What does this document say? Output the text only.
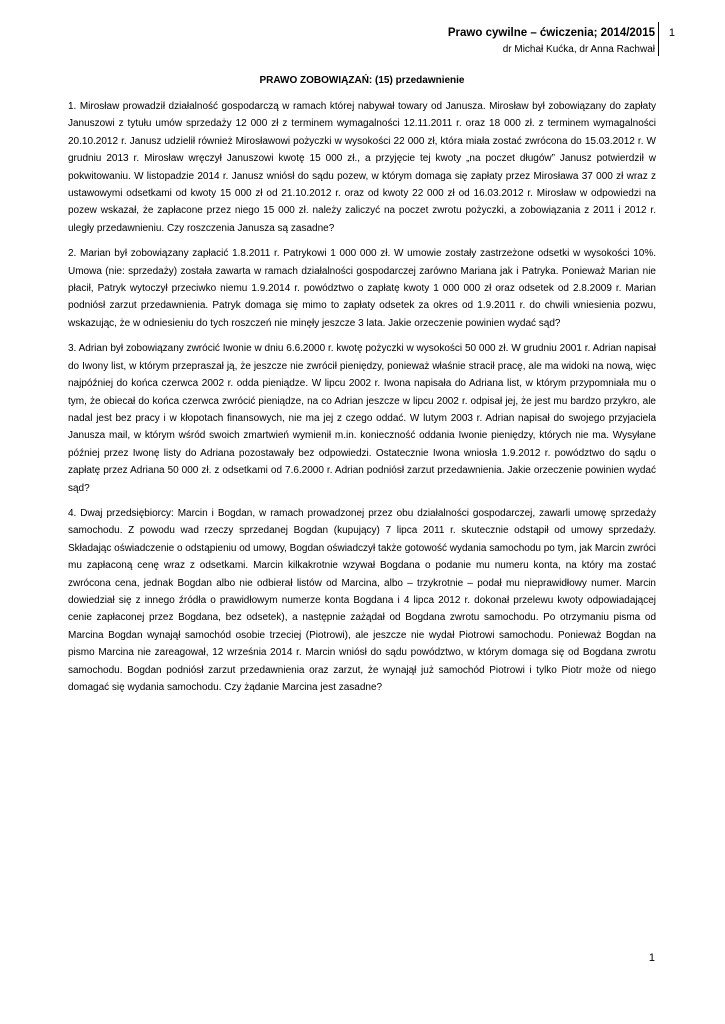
Prawo cywilne – ćwiczenia; 2014/2015
dr Michał Kućka, dr Anna Rachwał
1
PRAWO ZOBOWIĄZAŃ: (15) przedawnienie

1. Mirosław prowadził działalność gospodarczą w ramach której nabywał towary od Janusza. Mirosław był zobowiązany do zapłaty Januszowi z tytułu umów sprzedaży 12 000 zł z terminem wymagalności 12.11.2011 r. oraz 18 000 zł. z terminem wymagalności 20.10.2012 r. Janusz udzielił również Mirosławowi pożyczki w wysokości 22 000 zł, która miała zostać zwrócona do 15.03.2012 r. W grudniu 2013 r. Mirosław wręczył Januszowi kwotę 15 000 zł., a przyjęcie tej kwoty „na poczet długów” Janusz potwierdził w pokwitowaniu. W listopadzie 2014 r. Janusz wniósł do sądu pozew, w którym domaga się zapłaty przez Mirosława 37 000 zł wraz z ustawowymi odsetkami od kwoty 15 000 zł od 21.10.2012 r. oraz od kwoty 22 000 zł od 16.03.2012 r. Mirosław w odpowiedzi na pozew wskazał, że zapłacone przez niego 15 000 zł. należy zaliczyć na poczet zwrotu pożyczki, a zobowiązania z 2011 i 2012 r. uległy przedawnieniu. Czy roszczenia Janusza są zasadne?

2. Marian był zobowiązany zapłacić 1.8.2011 r. Patrykowi 1 000 000 zł. W umowie zostały zastrzeżone odsetki w wysokości 10%. Umowa (nie: sprzedaży) została zawarta w ramach działalności gospodarczej zarówno Mariana jak i Patryka. Ponieważ Marian nie płacił, Patryk wytoczył przeciwko niemu 1.9.2014 r. powództwo o zapłatę kwoty 1 000 000 zł oraz odsetek od 2.8.2009 r. Marian podniósł zarzut przedawnienia. Patryk domaga się mimo to zapłaty odsetek za okres od 1.9.2011 r. do chwili wniesienia pozwu, wskazując, że w odniesieniu do tych roszczeń nie minęły jeszcze 3 lata. Jakie orzeczenie powinien wydać sąd?

3. Adrian był zobowiązany zwrócić Iwonie w dniu 6.6.2000 r. kwotę pożyczki w wysokości 50 000 zł. W grudniu 2001 r. Adrian napisał do Iwony list, w którym przepraszał ją, że jeszcze nie zwrócił pieniędzy, ponieważ właśnie stracił pracę, ale ma widoki na nową, więc najpóźniej do końca czerwca 2002 r. odda pieniądze. W lipcu 2002 r. Iwona napisała do Adriana list, w którym przypomniała mu o tym, że obiecał do końca czerwca zwrócić pieniądze, na co Adrian jeszcze w lipcu 2002 r. odpisał jej, że jest mu bardzo przykro, ale nadal jest bez pracy i w kłopotach finansowych, nie ma jej z czego oddać. W lutym 2003 r. Adrian napisał do swojego przyjaciela Janusza mail, w którym wśród swoich zmartwień wymienił m.in. konieczność oddania Iwonie pieniędzy, których nie ma. Wysyłane później przez Iwonę listy do Adriana pozostawały bez odpowiedzi. Ostatecznie Iwona wniosła 1.9.2012 r. powództwo do sądu o zapłatę przez Adriana 50 000 zł. z odsetkami od 7.6.2000 r. Adrian podniósł zarzut przedawnienia. Jakie orzeczenie powinien wydać sąd?

4. Dwaj przedsiębiorcy: Marcin i Bogdan, w ramach prowadzonej przez obu działalności gospodarczej, zawarli umowę sprzedaży samochodu. Z powodu wad rzeczy sprzedanej Bogdan (kupujący) 7 lipca 2011 r. skutecznie odstąpił od umowy sprzedaży. Składając oświadczenie o odstąpieniu od umowy, Bogdan oświadczył także gotowość wydania samochodu po tym, jak Marcin zwróci mu zapłaconą cenę wraz z odsetkami. Marcin kilkakrotnie wzywał Bogdana o podanie mu numeru konta, na który ma zostać zwrócona cena, jednak Bogdan albo nie odbierał listów od Marcina, albo – trzykrotnie – podał mu nieprawidłowy numer. Marcin dowiedział się z innego źródła o prawidłowym numerze konta Bogdana i 4 lipca 2012 r. dokonał przelewu kwoty odpowiadającej cenie zapłaconej przez Bogdana, bez odsetek), a następnie zażądał od Bogdana zwrotu samochodu. Po otrzymaniu pisma od Marcina Bogdan wynajął samochód osobie trzeciej (Piotrowi), ale jeszcze nie wydał Piotrowi samochodu. Ponieważ Bogdan na pismo Marcina nie zareagował, 12 września 2014 r. Marcin wniósł do sądu powództwo, w którym domaga się od Bogdana zwrotu samochodu. Bogdan podniósł zarzut przedawnienia oraz zarzut, że wynajął już samochód Piotrowi i tylko Piotr może od niego domagać się wydania samochodu. Czy żądanie Marcina jest zasadne?

1
